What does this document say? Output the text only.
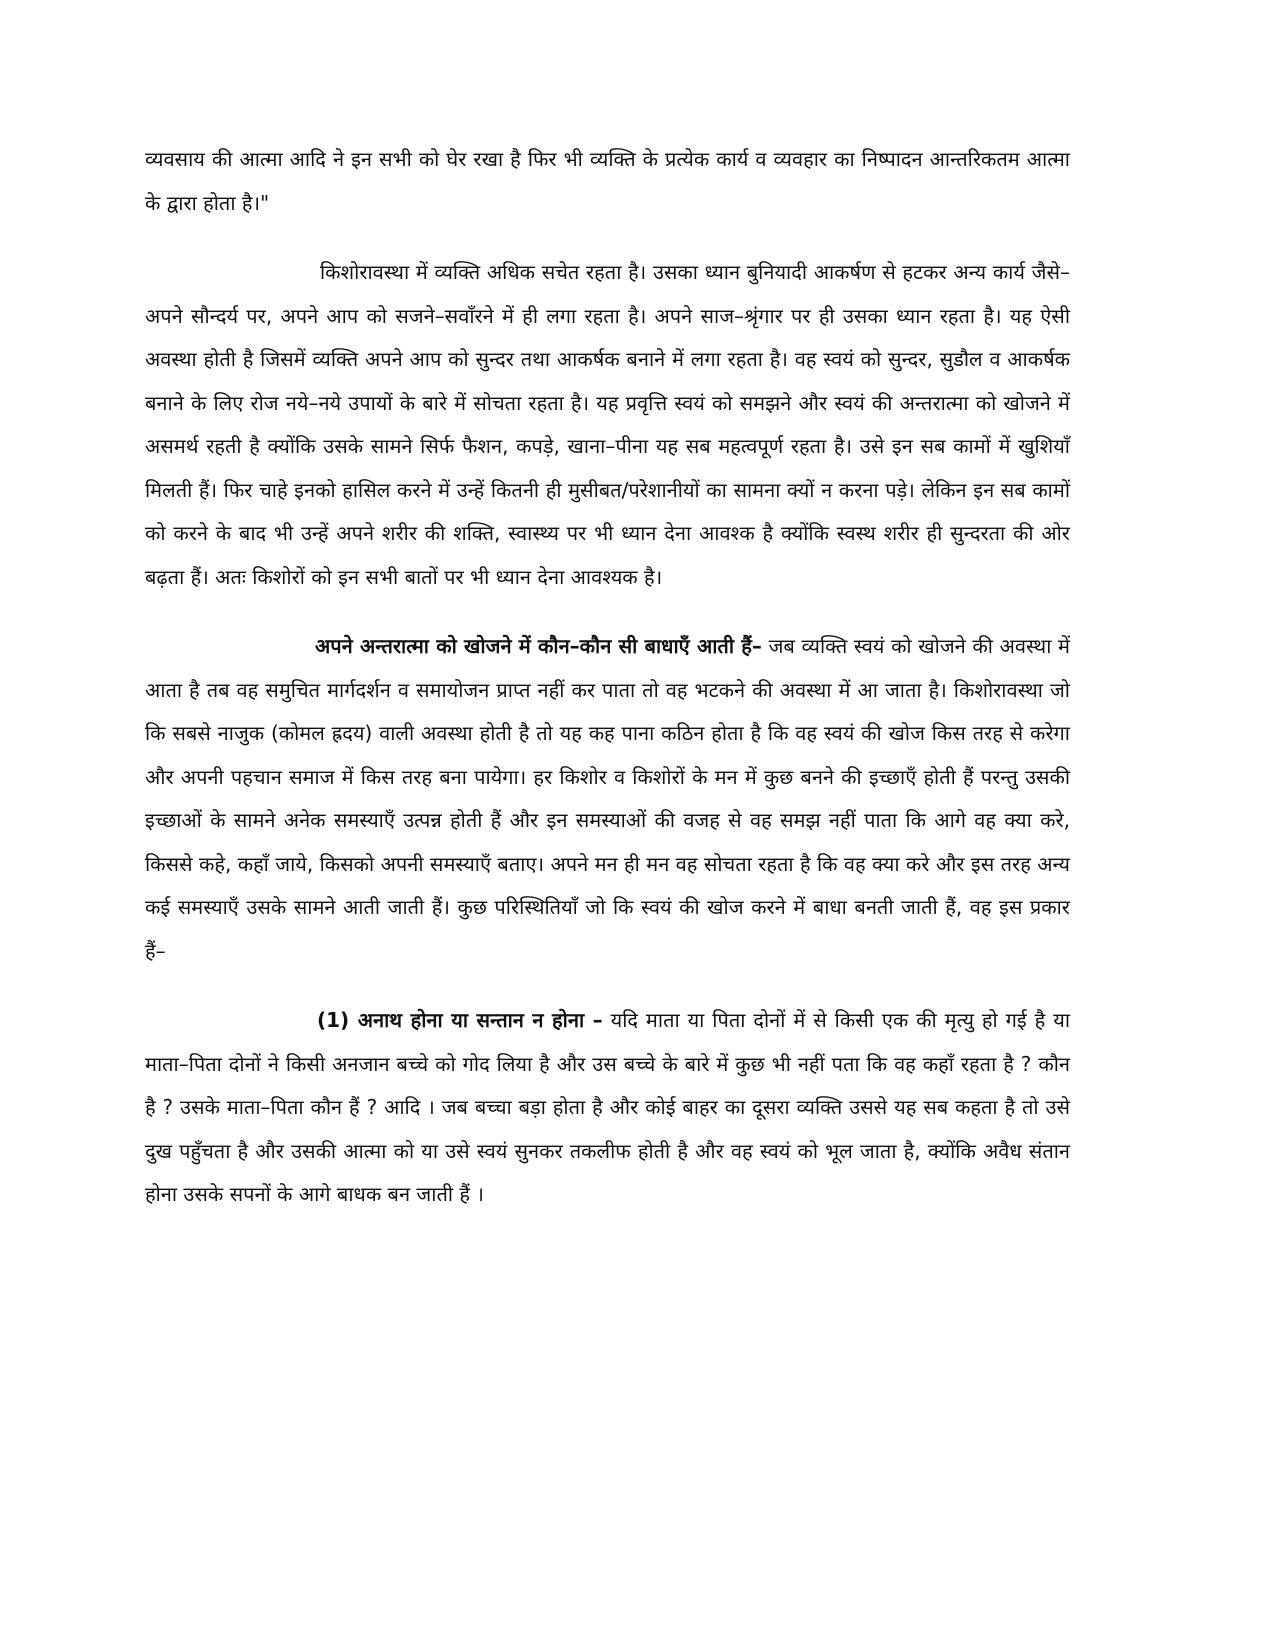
व्यवसाय की आत्मा आदि ने इन सभी को घेर रखा है फिर भी व्यक्ति के प्रत्येक कार्य व व्यवहार का निष्पादन आन्तरिकतम आत्मा के द्वारा होता है।"

किशोरावस्था में व्यक्ति अधिक सचेत रहता है। उसका ध्यान बुनियादी आकर्षण से हटकर अन्य कार्य जैसे–अपने सौन्दर्य पर, अपने आप को सजने–सवाँरने में ही लगा रहता है। अपने साज–श्रृंगार पर ही उसका ध्यान रहता है। यह ऐसी अवस्था होती है जिसमें व्यक्ति अपने आप को सुन्दर तथा आकर्षक बनाने में लगा रहता है। वह स्वयं को सुन्दर, सुडौल व आकर्षक बनाने के लिए रोज नये–नये उपायों के बारे में सोचता रहता है। यह प्रवृत्ति स्वयं को समझने और स्वयं की अन्तरात्मा को खोजने में असमर्थ रहती है क्योंकि उसके सामने सिर्फ फैशन, कपड़े, खाना–पीना यह सब महत्वपूर्ण रहता है। उसे इन सब कामों में खुशियाँ मिलती हैं। फिर चाहे इनको हासिल करने में उन्हें कितनी ही मुसीबत/परेशानीयों का सामना क्यों न करना पड़े। लेकिन इन सब कामों को करने के बाद भी उन्हें अपने शरीर की शक्ति, स्वास्थ्य पर भी ध्यान देना आवश्क है क्योंकि स्वस्थ शरीर ही सुन्दरता की ओर बढ़ता हैं। अतः किशोरों को इन सभी बातों पर भी ध्यान देना आवश्यक है।

अपने अन्तरात्मा को खोजने में कौन–कौन सी बाधाएँ आती हैं– जब व्यक्ति स्वयं को खोजने की अवस्था में आता है तब वह समुचित मार्गदर्शन व समायोजन प्राप्त नहीं कर पाता तो वह भटकने की अवस्था में आ जाता है। किशोरावस्था जो कि सबसे नाजुक (कोमल ह्रदय) वाली अवस्था होती है तो यह कह पाना कठिन होता है कि वह स्वयं की खोज किस तरह से करेगा और अपनी पहचान समाज में किस तरह बना पायेगा। हर किशोर व किशोरों के मन में कुछ बनने की इच्छाएँ होती हैं परन्तु उसकी इच्छाओं के सामने अनेक समस्याएँ उत्पन्न होती हैं और इन समस्याओं की वजह से वह समझ नहीं पाता कि आगे वह क्या करे, किससे कहे, कहाँ जाये, किसको अपनी समस्याएँ बताए। अपने मन ही मन वह सोचता रहता है कि वह क्या करे और इस तरह अन्य कई समस्याएँ उसके सामने आती जाती हैं। कुछ परिस्थितियाँ जो कि स्वयं की खोज करने में बाधा बनती जाती हैं, वह इस प्रकार हैं–

(1) अनाथ होना या सन्तान न होना – यदि माता या पिता दोनों में से किसी एक की मृत्यु हो गई है या माता–पिता दोनों ने किसी अनजान बच्चे को गोद लिया है और उस बच्चे के बारे में कुछ भी नहीं पता कि वह कहाँ रहता है ? कौन है ? उसके माता–पिता कौन हैं ? आदि । जब बच्चा बड़ा होता है और कोई बाहर का दूसरा व्यक्ति उससे यह सब कहता है तो उसे दुख पहुँचता है और उसकी आत्मा को या उसे स्वयं सुनकर तकलीफ होती है और वह स्वयं को भूल जाता है, क्योंकि अवैध संतान होना उसके सपनों के आगे बाधक बन जाती हैं ।
